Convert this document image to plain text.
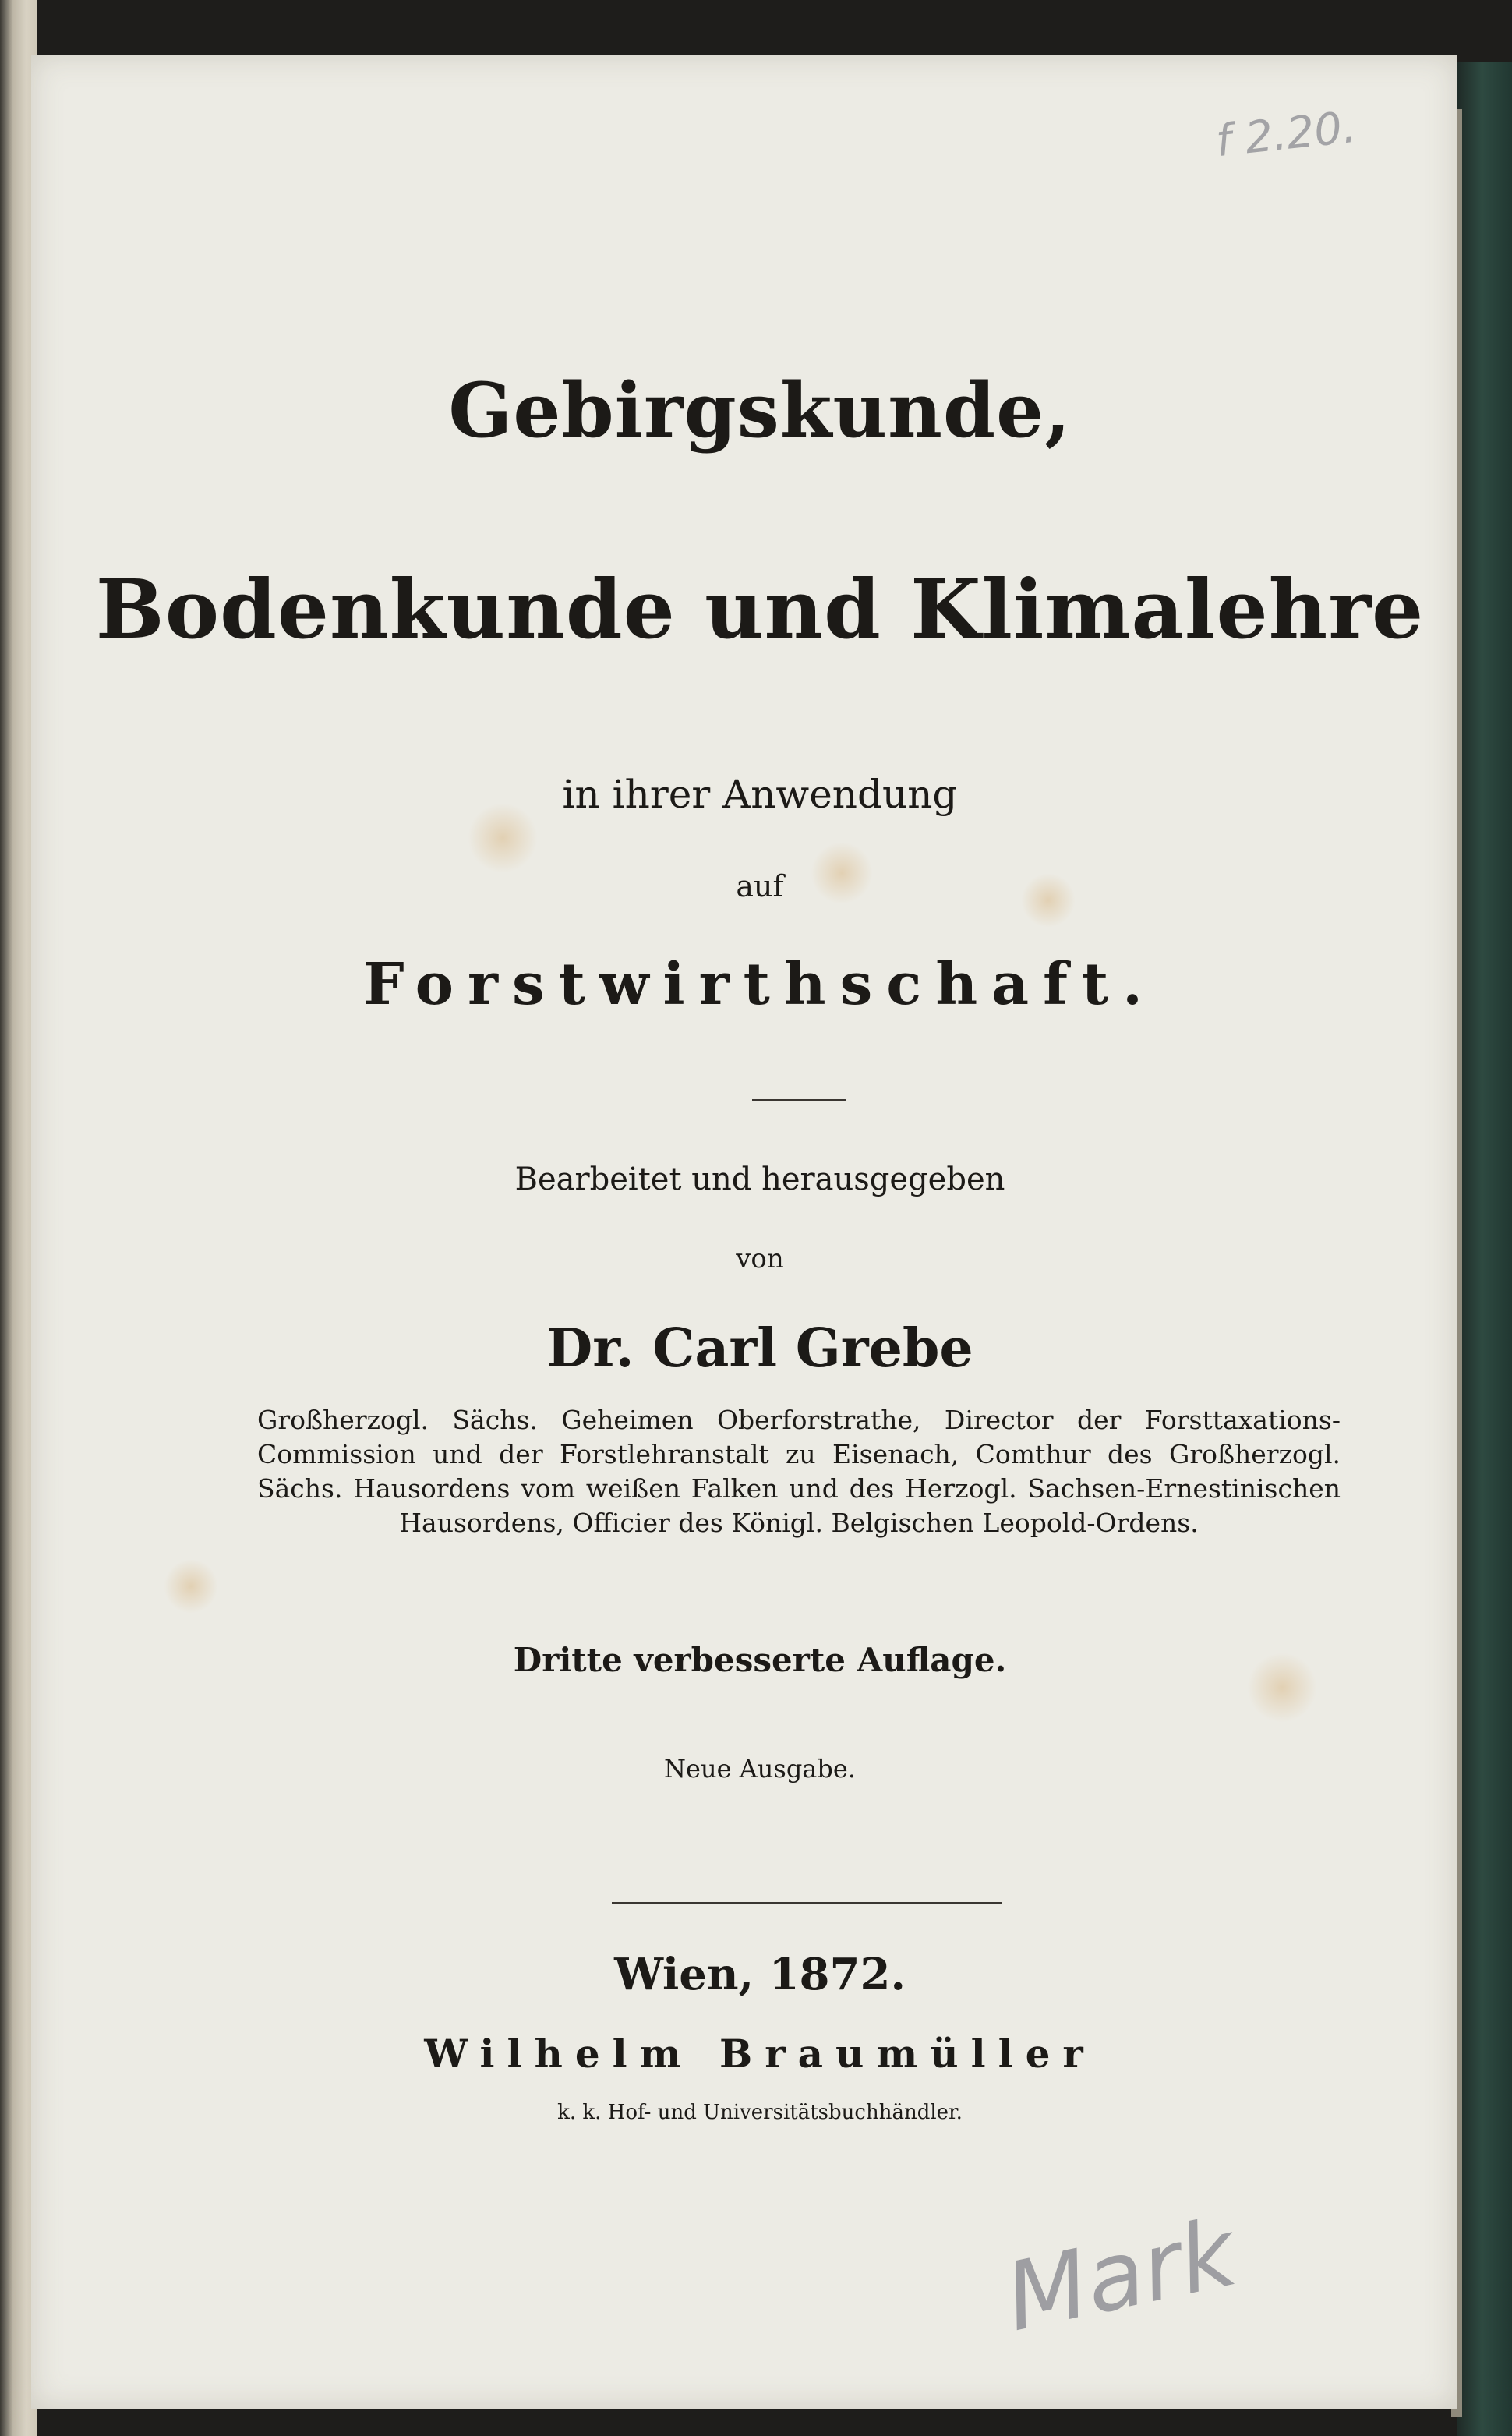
f 2.20.
Gebirgskunde,
Bodenkunde und Klimalehre
in ihrer Anwendung
auf
Forstwirthschaft.
Bearbeitet und herausgegeben
von
Dr. Carl Grebe
Großherzogl. Sächs. Geheimen Oberforstrathe, Director der Forsttaxations-Commission und der Forstlehranstalt zu Eisenach, Comthur des Großherzogl. Sächs. Hausordens vom weißen Falken und des Herzogl. Sachsen-Ernestinischen Hausordens, Officier des Königl. Belgischen Leopold-Ordens.
Dritte verbesserte Auflage.
Neue Ausgabe.
Wien, 1872.
Wilhelm Braumüller
k. k. Hof- und Universitätsbuchhändler.
Mark
